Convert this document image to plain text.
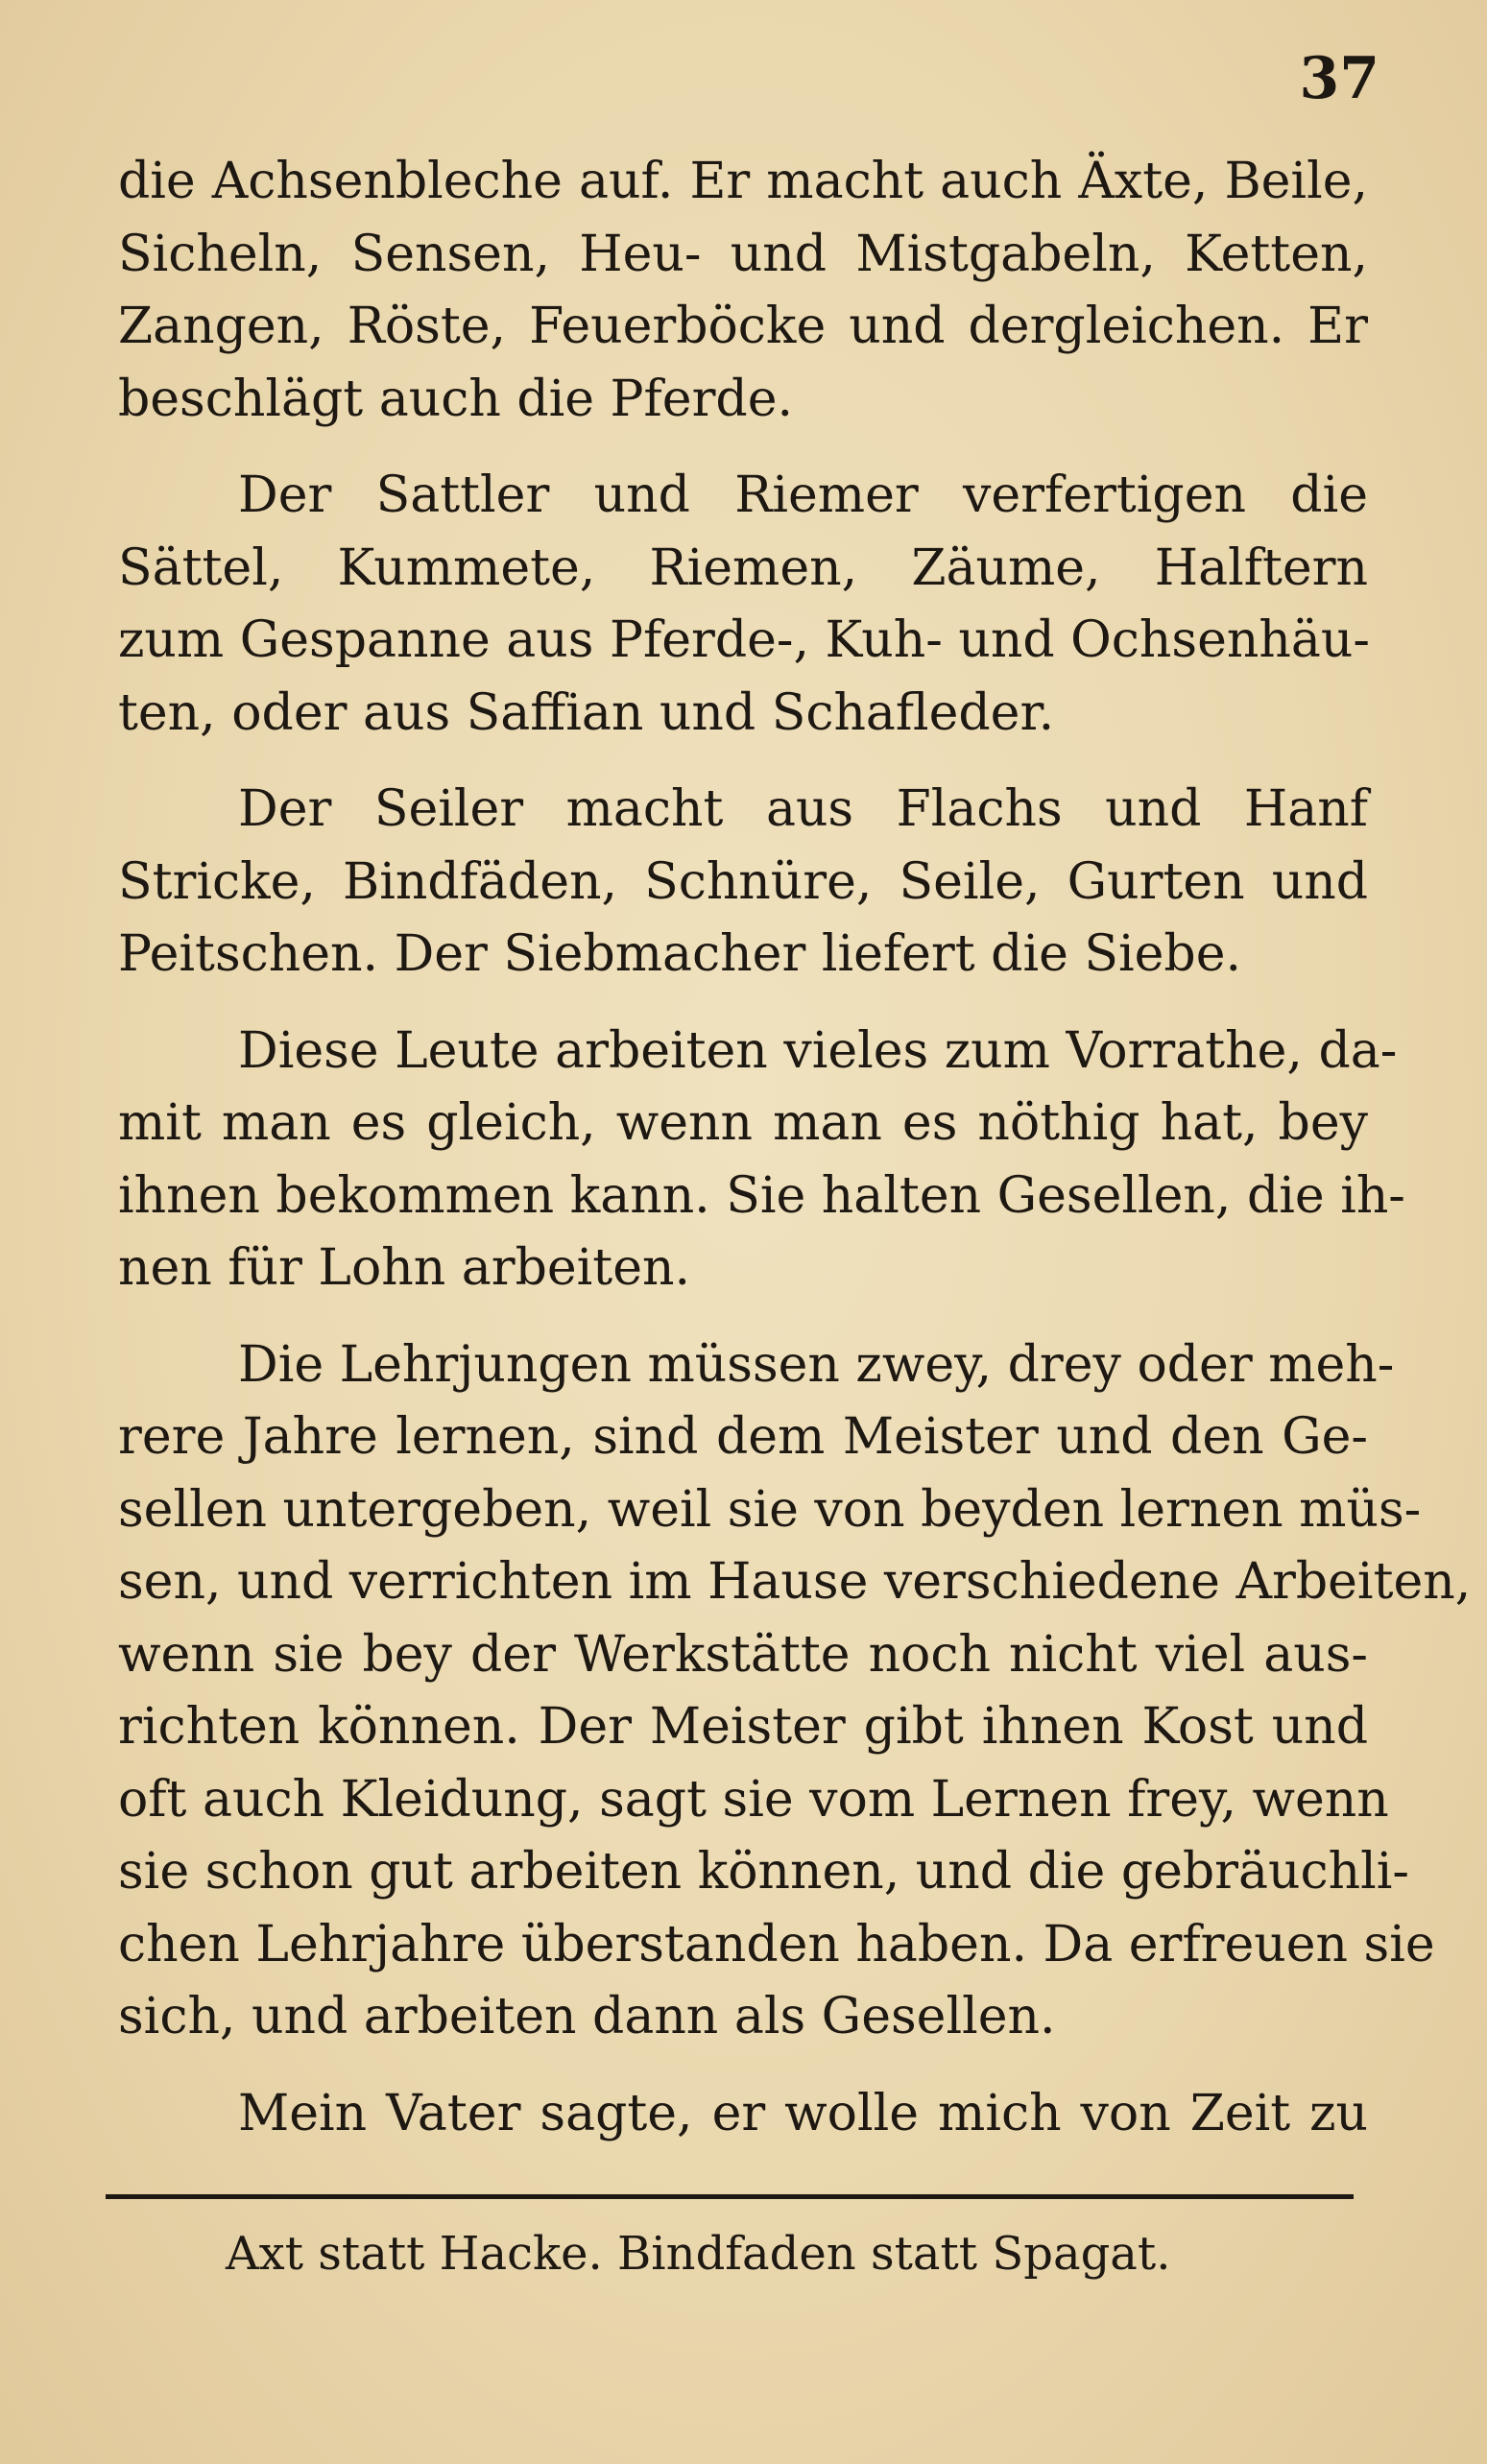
37
die Achsenbleche auf. Er macht auch Äxte, Beile,
Sicheln, Sensen, Heu- und Mistgabeln, Ketten,
Zangen, Röste, Feuerböcke und dergleichen. Er
beschlägt auch die Pferde.
Der Sattler und Riemer verfertigen die
Sättel, Kummete, Riemen, Zäume, Halftern
zum Gespanne aus Pferde-, Kuh- und Ochsenhäu-
ten, oder aus Saffian und Schafleder.
Der Seiler macht aus Flachs und Hanf
Stricke, Bindfäden, Schnüre, Seile, Gurten und
Peitschen. Der Siebmacher liefert die Siebe.
Diese Leute arbeiten vieles zum Vorrathe, da-
mit man es gleich, wenn man es nöthig hat, bey
ihnen bekommen kann. Sie halten Gesellen, die ih-
nen für Lohn arbeiten.
Die Lehrjungen müssen zwey, drey oder meh-
rere Jahre lernen, sind dem Meister und den Ge-
sellen untergeben, weil sie von beyden lernen müs-
sen, und verrichten im Hause verschiedene Arbeiten,
wenn sie bey der Werkstätte noch nicht viel aus-
richten können. Der Meister gibt ihnen Kost und
oft auch Kleidung, sagt sie vom Lernen frey, wenn
sie schon gut arbeiten können, und die gebräuchli-
chen Lehrjahre überstanden haben. Da erfreuen sie
sich, und arbeiten dann als Gesellen.
Mein Vater sagte, er wolle mich von Zeit zu
Axt statt Hacke. Bindfaden statt Spagat.
